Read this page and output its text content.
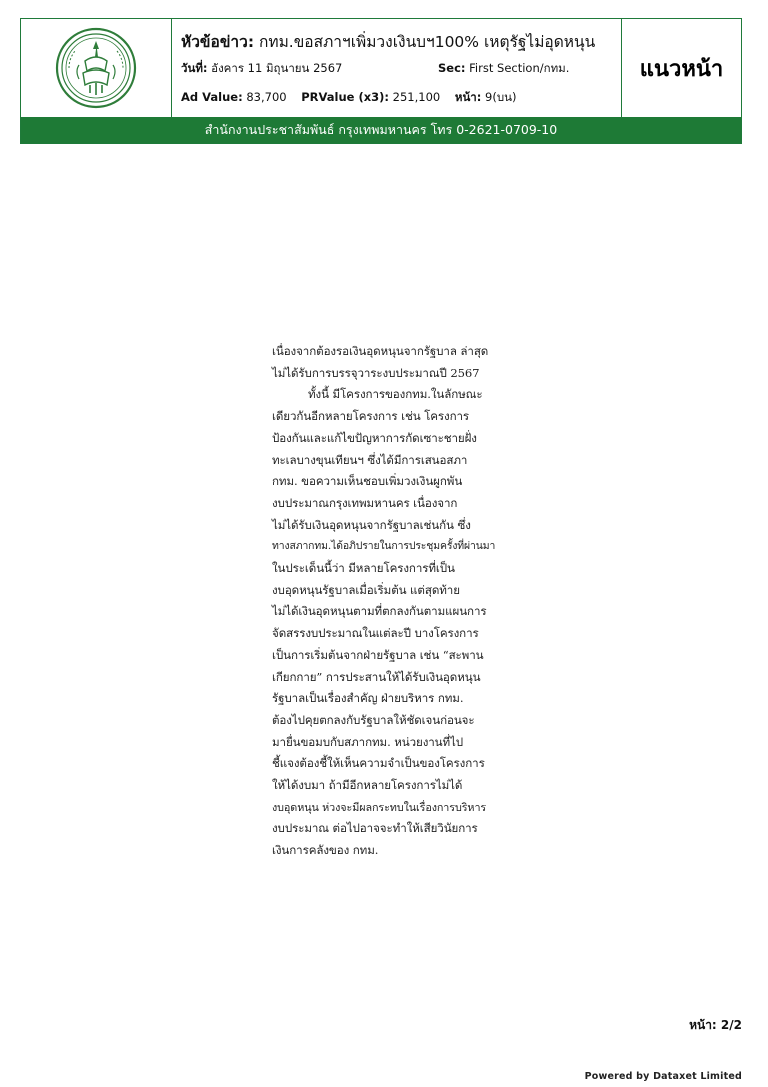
หัวข้อข่าว: กทม.ขอสภาฯเพิ่มวงเงินบฯ100% เหตุรัฐไม่อุดหนุน
วันที่: อังคาร 11 มิถุนายน 2567	Sec: First Section/กทม.
Ad Value: 83,700 PRValue (x3): 251,100 หน้า: 9(บน)
แนวหน้า
สำนักงานประชาสัมพันธ์ กรุงเทพมหานคร โทร 0-2621-0709-10
เนื่องจากต้องรอเงินอุดหนุนจากรัฐบาล ล่าสุด
ไม่ได้รับการบรรจุวาระงบประมาณปี 2567
ทั้งนี้ มีโครงการของกทม.ในลักษณะ
เดียวกันอีกหลายโครงการ เช่น โครงการ
ป้องกันและแก้ไขปัญหาการกัดเซาะชายฝั่ง
ทะเลบางขุนเทียนฯ ซึ่งได้มีการเสนอสภา
กทม. ขอความเห็นชอบเพิ่มวงเงินผูกพัน
งบประมาณกรุงเทพมหานคร เนื่องจาก
ไม่ได้รับเงินอุดหนุนจากรัฐบาลเช่นกัน ซึ่ง
ทางสภากทม.ได้อภิปรายในการประชุมครั้งที่ผ่านมา
ในประเด็นนี้ว่า มีหลายโครงการที่เป็น
งบอุดหนุนรัฐบาลเมื่อเริ่มต้น แต่สุดท้าย
ไม่ได้เงินอุดหนุนตามที่ตกลงกันตามแผนการ
จัดสรรงบประมาณในแต่ละปี บางโครงการ
เป็นการเริ่มต้นจากฝ่ายรัฐบาล เช่น “สะพาน
เกียกกาย” การประสานให้ได้รับเงินอุดหนุน
รัฐบาลเป็นเรื่องสำคัญ ฝ่ายบริหาร กทม.
ต้องไปคุยตกลงกับรัฐบาลให้ชัดเจนก่อนจะ
มายื่นขอมบกับสภากทม. หน่วยงานที่ไป
ชี้แจงต้องชี้ให้เห็นความจำเป็นของโครงการ
ให้ได้งบมา ถ้ามีอีกหลายโครงการไม่ได้
งบอุดหนุน ห่วงจะมีผลกระทบในเรื่องการบริหาร
งบประมาณ ต่อไปอาจจะทำให้เสียวินัยการ
เงินการคลังของ กทม.
หน้า: 2/2
Powered by Dataxet Limited
